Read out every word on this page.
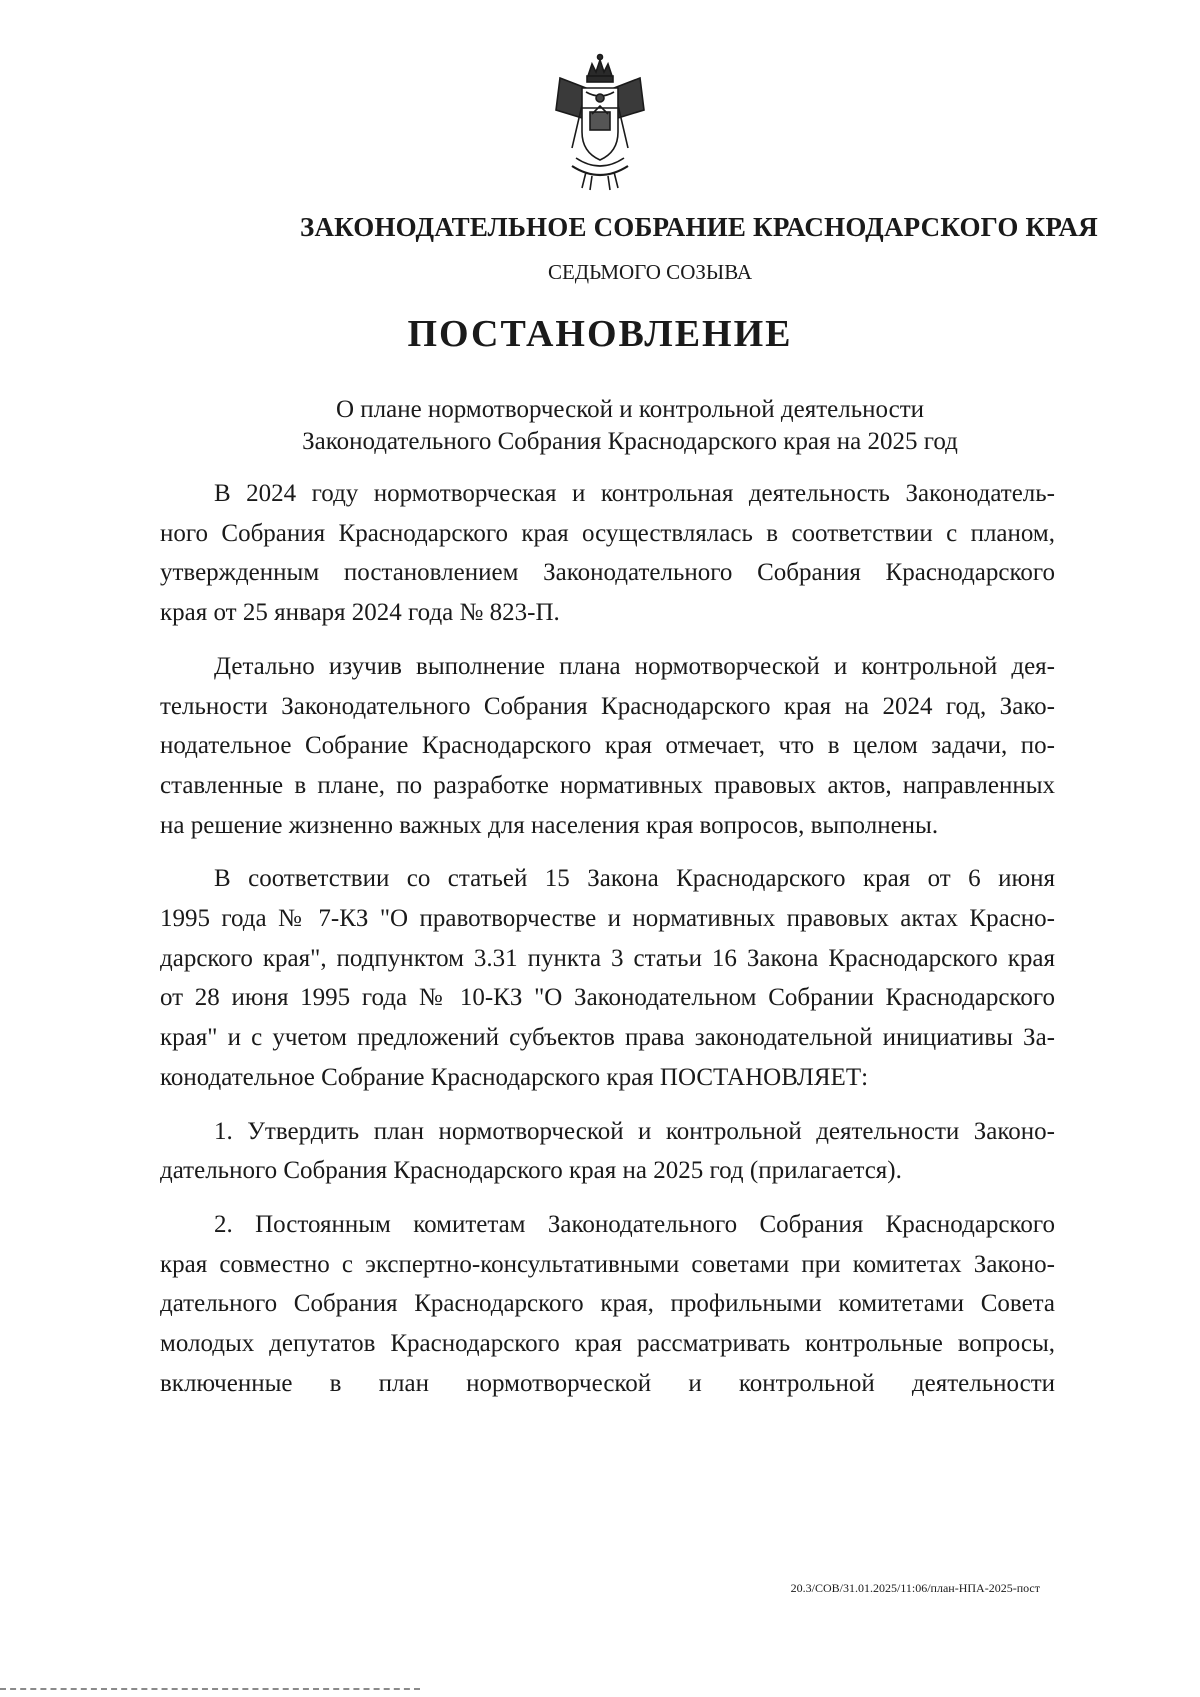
ЗАКОНОДАТЕЛЬНОЕ СОБРАНИЕ КРАСНОДАРСКОГО КРАЯ
СЕДЬМОГО СОЗЫВА
ПОСТАНОВЛЕНИЕ
О плане нормотворческой и контрольной деятельности
Законодательного Собрания Краснодарского края на 2025 год
В 2024 году нормотворческая и контрольная деятельность Законодатель-
ного Собрания Краснодарского края осуществлялась в соответствии с планом,
утвержденным постановлением Законодательного Собрания Краснодарского
края от 25 января 2024 года № 823-П.
Детально изучив выполнение плана нормотворческой и контрольной дея-
тельности Законодательного Собрания Краснодарского края на 2024 год, Зако-
нодательное Собрание Краснодарского края отмечает, что в целом задачи, по-
ставленные в плане, по разработке нормативных правовых актов, направленных
на решение жизненно важных для населения края вопросов, выполнены.
В соответствии со статьей 15 Закона Краснодарского края от 6 июня
1995 года № 7-КЗ "О правотворчестве и нормативных правовых актах Красно-
дарского края", подпунктом 3.31 пункта 3 статьи 16 Закона Краснодарского края
от 28 июня 1995 года № 10-КЗ "О Законодательном Собрании Краснодарского
края" и с учетом предложений субъектов права законодательной инициативы За-
конодательное Собрание Краснодарского края ПОСТАНОВЛЯЕТ:
1. Утвердить план нормотворческой и контрольной деятельности Законо-
дательного Собрания Краснодарского края на 2025 год (прилагается).
2. Постоянным комитетам Законодательного Собрания Краснодарского
края совместно с экспертно-консультативными советами при комитетах Законо-
дательного Собрания Краснодарского края, профильными комитетами Совета
молодых депутатов Краснодарского края рассматривать контрольные вопросы,
включенные в план нормотворческой и контрольной деятельности
20.3/СОВ/31.01.2025/11:06/план-НПА-2025-пост
